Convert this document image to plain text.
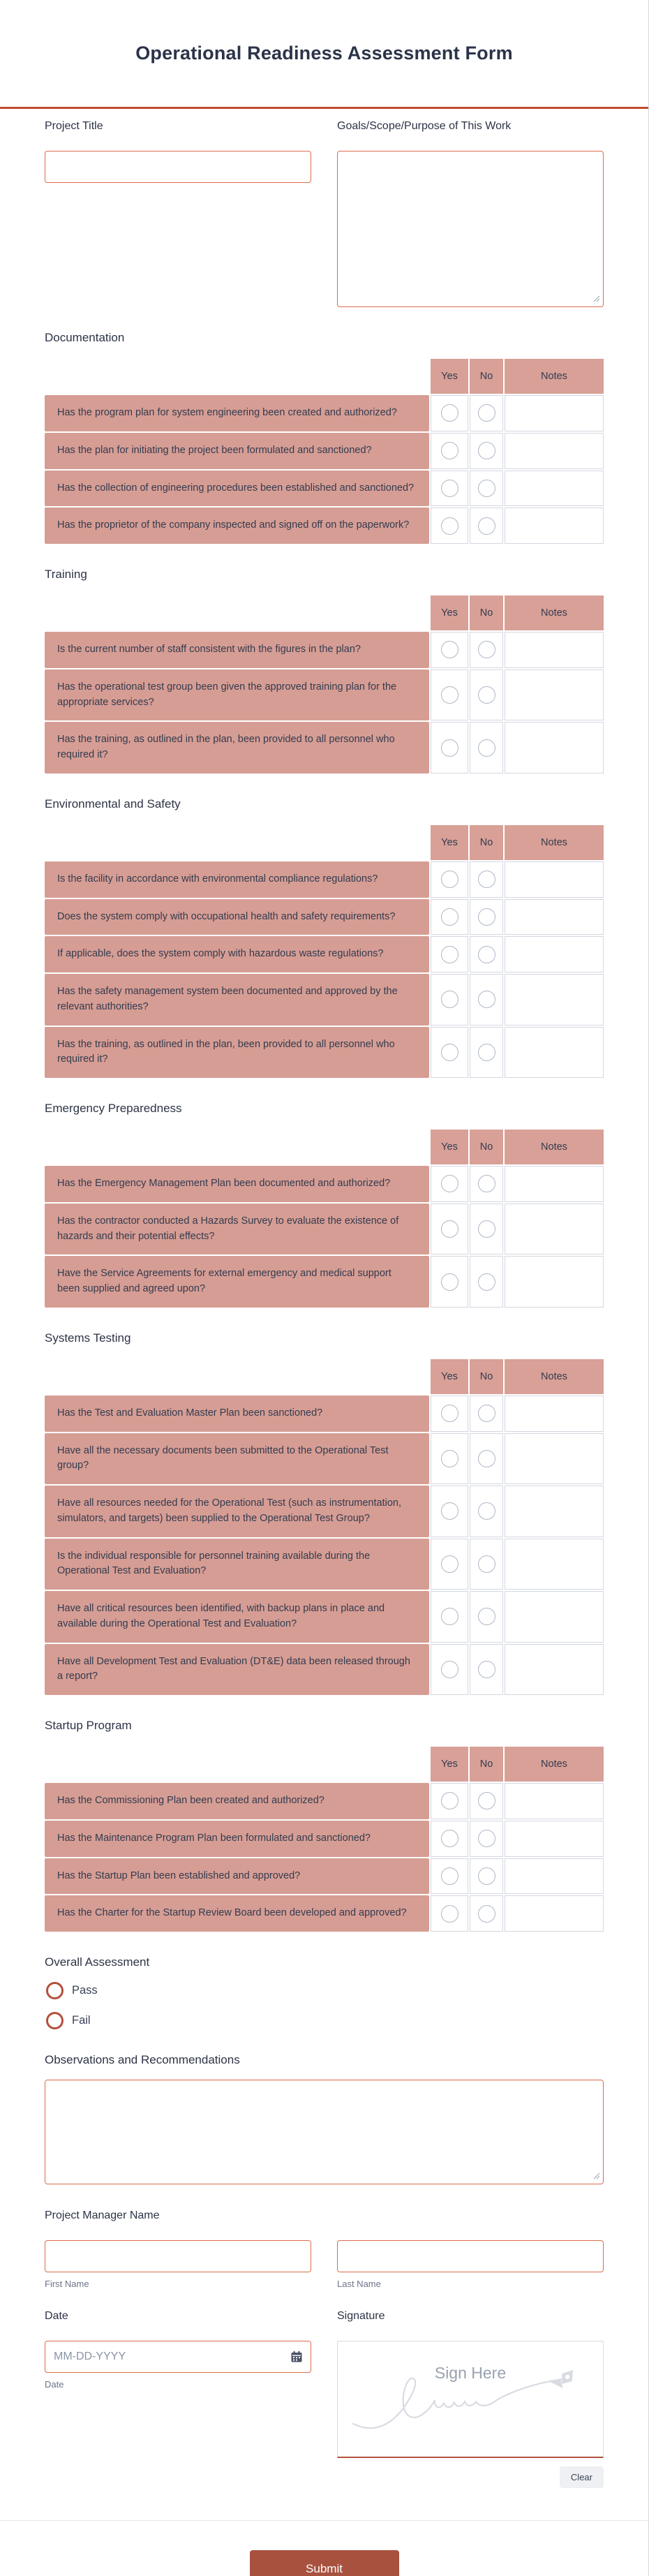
Operational Readiness Assessment Form
Project Title	Goals/Scope/Purpose of This Work
Documentation
Yes	No	Notes
Has the program plan for system engineering been created and authorized?
Has the plan for initiating the project been formulated and sanctioned?
Has the collection of engineering procedures been established and sanctioned?
Has the proprietor of the company inspected and signed off on the paperwork?
Training
Yes	No	Notes
Is the current number of staff consistent with the figures in the plan?
Has the operational test group been given the approved training plan for the appropriate services?
Has the training, as outlined in the plan, been provided to all personnel who required it?
Environmental and Safety
Yes	No	Notes
Is the facility in accordance with environmental compliance regulations?
Does the system comply with occupational health and safety requirements?
If applicable, does the system comply with hazardous waste regulations?
Has the safety management system been documented and approved by the relevant authorities?
Has the training, as outlined in the plan, been provided to all personnel who required it?
Emergency Preparedness
Yes	No	Notes
Has the Emergency Management Plan been documented and authorized?
Has the contractor conducted a Hazards Survey to evaluate the existence of hazards and their potential effects?
Have the Service Agreements for external emergency and medical support been supplied and agreed upon?
Systems Testing
Yes	No	Notes
Has the Test and Evaluation Master Plan been sanctioned?
Have all the necessary documents been submitted to the Operational Test group?
Have all resources needed for the Operational Test (such as instrumentation, simulators, and targets) been supplied to the Operational Test Group?
Is the individual responsible for personnel training available during the Operational Test and Evaluation?
Have all critical resources been identified, with backup plans in place and available during the Operational Test and Evaluation?
Have all Development Test and Evaluation (DT&E) data been released through a report?
Startup Program
Yes	No	Notes
Has the Commissioning Plan been created and authorized?
Has the Maintenance Program Plan been formulated and sanctioned?
Has the Startup Plan been established and approved?
Has the Charter for the Startup Review Board been developed and approved?
Overall Assessment
Pass
Fail
Observations and Recommendations
Project Manager Name
First Name	Last Name
Date
MM-DD-YYYY
Date
Signature
Sign Here
Clear
Submit
